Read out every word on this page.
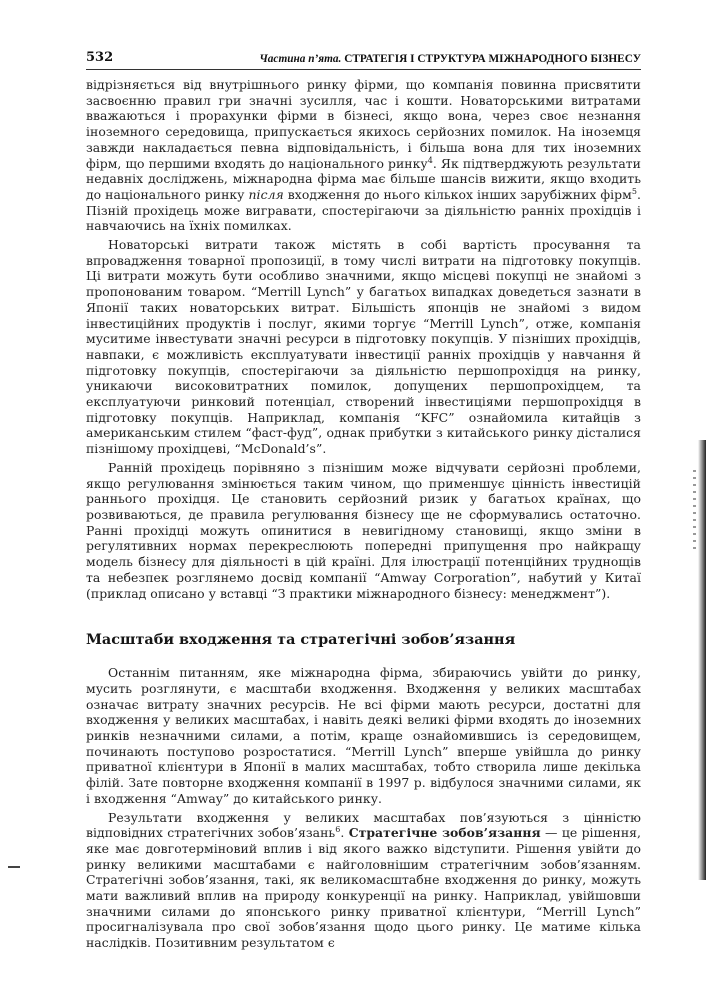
532	Частина п’ята. СТРАТЕГІЯ І СТРУКТУРА МІЖНАРОДНОГО БІЗНЕСУ

відрізняється від внутрішнього ринку фірми, що компанія повинна присвятити засвоєнню правил гри значні зусилля, час і кошти. Новаторськими витратами вважаються і прорахунки фірми в бізнесі, якщо вона, через своє незнання іноземного середовища, припускається якихось серйозних помилок. На іноземця завжди накладається певна відповідальність, і більша вона для тих іноземних фірм, що першими входять до національного ринку$^4$. Як підтверджують результати недавніх досліджень, міжнародна фірма має більше шансів вижити, якщо входить до національного ринку після входження до нього кількох інших зарубіжних фірм$^5$. Пізній прохідець може вигравати, спостерігаючи за діяльністю ранніх прохідців і навчаючись на їхніх помилках.

Новаторські витрати також містять в собі вартість просування та впровадження товарної пропозиції, в тому числі витрати на підготовку покупців. Ці витрати можуть бути особливо значними, якщо місцеві покупці не знайомі з пропонованим товаром. “Merrill Lynch” у багатьох випадках доведеться зазнати в Японії таких новаторських витрат. Більшість японців не знайомі з видом інвестиційних продуктів і послуг, якими торгує “Merrill Lynch”, отже, компанія муситиме інвестувати значні ресурси в підготовку покупців. У пізніших прохідців, навпаки, є можливість експлуатувати інвестиції ранніх прохідців у навчання й підготовку покупців, спостерігаючи за діяльністю першопрохідця на ринку, уникаючи високовитратних помилок, допущених першопрохідцем, та експлуатуючи ринковий потенціал, створений інвестиціями першопрохідця в підготовку покупців. Наприклад, компанія “KFC” ознайомила китайців з американським стилем “фаст-фуд”, однак прибутки з китайського ринку дісталися пізнішому прохідцеві, “McDonald’s”.

Ранній прохідець порівняно з пізнішим може відчувати серйозні проблеми, якщо регулювання змінюється таким чином, що применшує цінність інвестицій раннього прохідця. Це становить серйозний ризик у багатьох країнах, що розвиваються, де правила регулювання бізнесу ще не сформувались остаточно. Ранні прохідці можуть опинитися в невигідному становищі, якщо зміни в регулятивних нормах перекреслюють попередні припущення про найкращу модель бізнесу для діяльності в цій країні. Для ілюстрації потенційних труднощів та небезпек розглянемо досвід компанії “Amway Corporation”, набутий у Китаї (приклад описано у вставці “З практики міжнародного бізнесу: менеджмент”).

Масштаби входження та стратегічні зобов’язання

Останнім питанням, яке міжнародна фірма, збираючись увійти до ринку, мусить розглянути, є масштаби входження. Входження у великих масштабах означає витрату значних ресурсів. Не всі фірми мають ресурси, достатні для входження у великих масштабах, і навіть деякі великі фірми входять до іноземних ринків незначними силами, а потім, краще ознайомившись із середовищем, починають поступово розростатися. “Merrill Lynch” вперше увійшла до ринку приватної клієнтури в Японії в малих масштабах, тобто створила лише декілька філій. Зате повторне входження компанії в 1997 р. відбулося значними силами, як і входження “Amway” до китайського ринку.

Результати входження у великих масштабах пов’язуються з цінністю відповідних стратегічних зобов’язань$^6$. Стратегічне зобов’язання — це рішення, яке має довготерміновий вплив і від якого важко відступити. Рішення увійти до ринку великими масштабами є найголовнішим стратегічним зобов’язанням. Стратегічні зобов’язання, такі, як великомасштабне входження до ринку, можуть мати важливий вплив на природу конкуренції на ринку. Наприклад, увійшовши значними силами до японського ринку приватної клієнтури, “Merrill Lynch” просигналізувала про свої зобов’язання щодо цього ринку. Це матиме кілька наслідків. Позитивним результатом є
